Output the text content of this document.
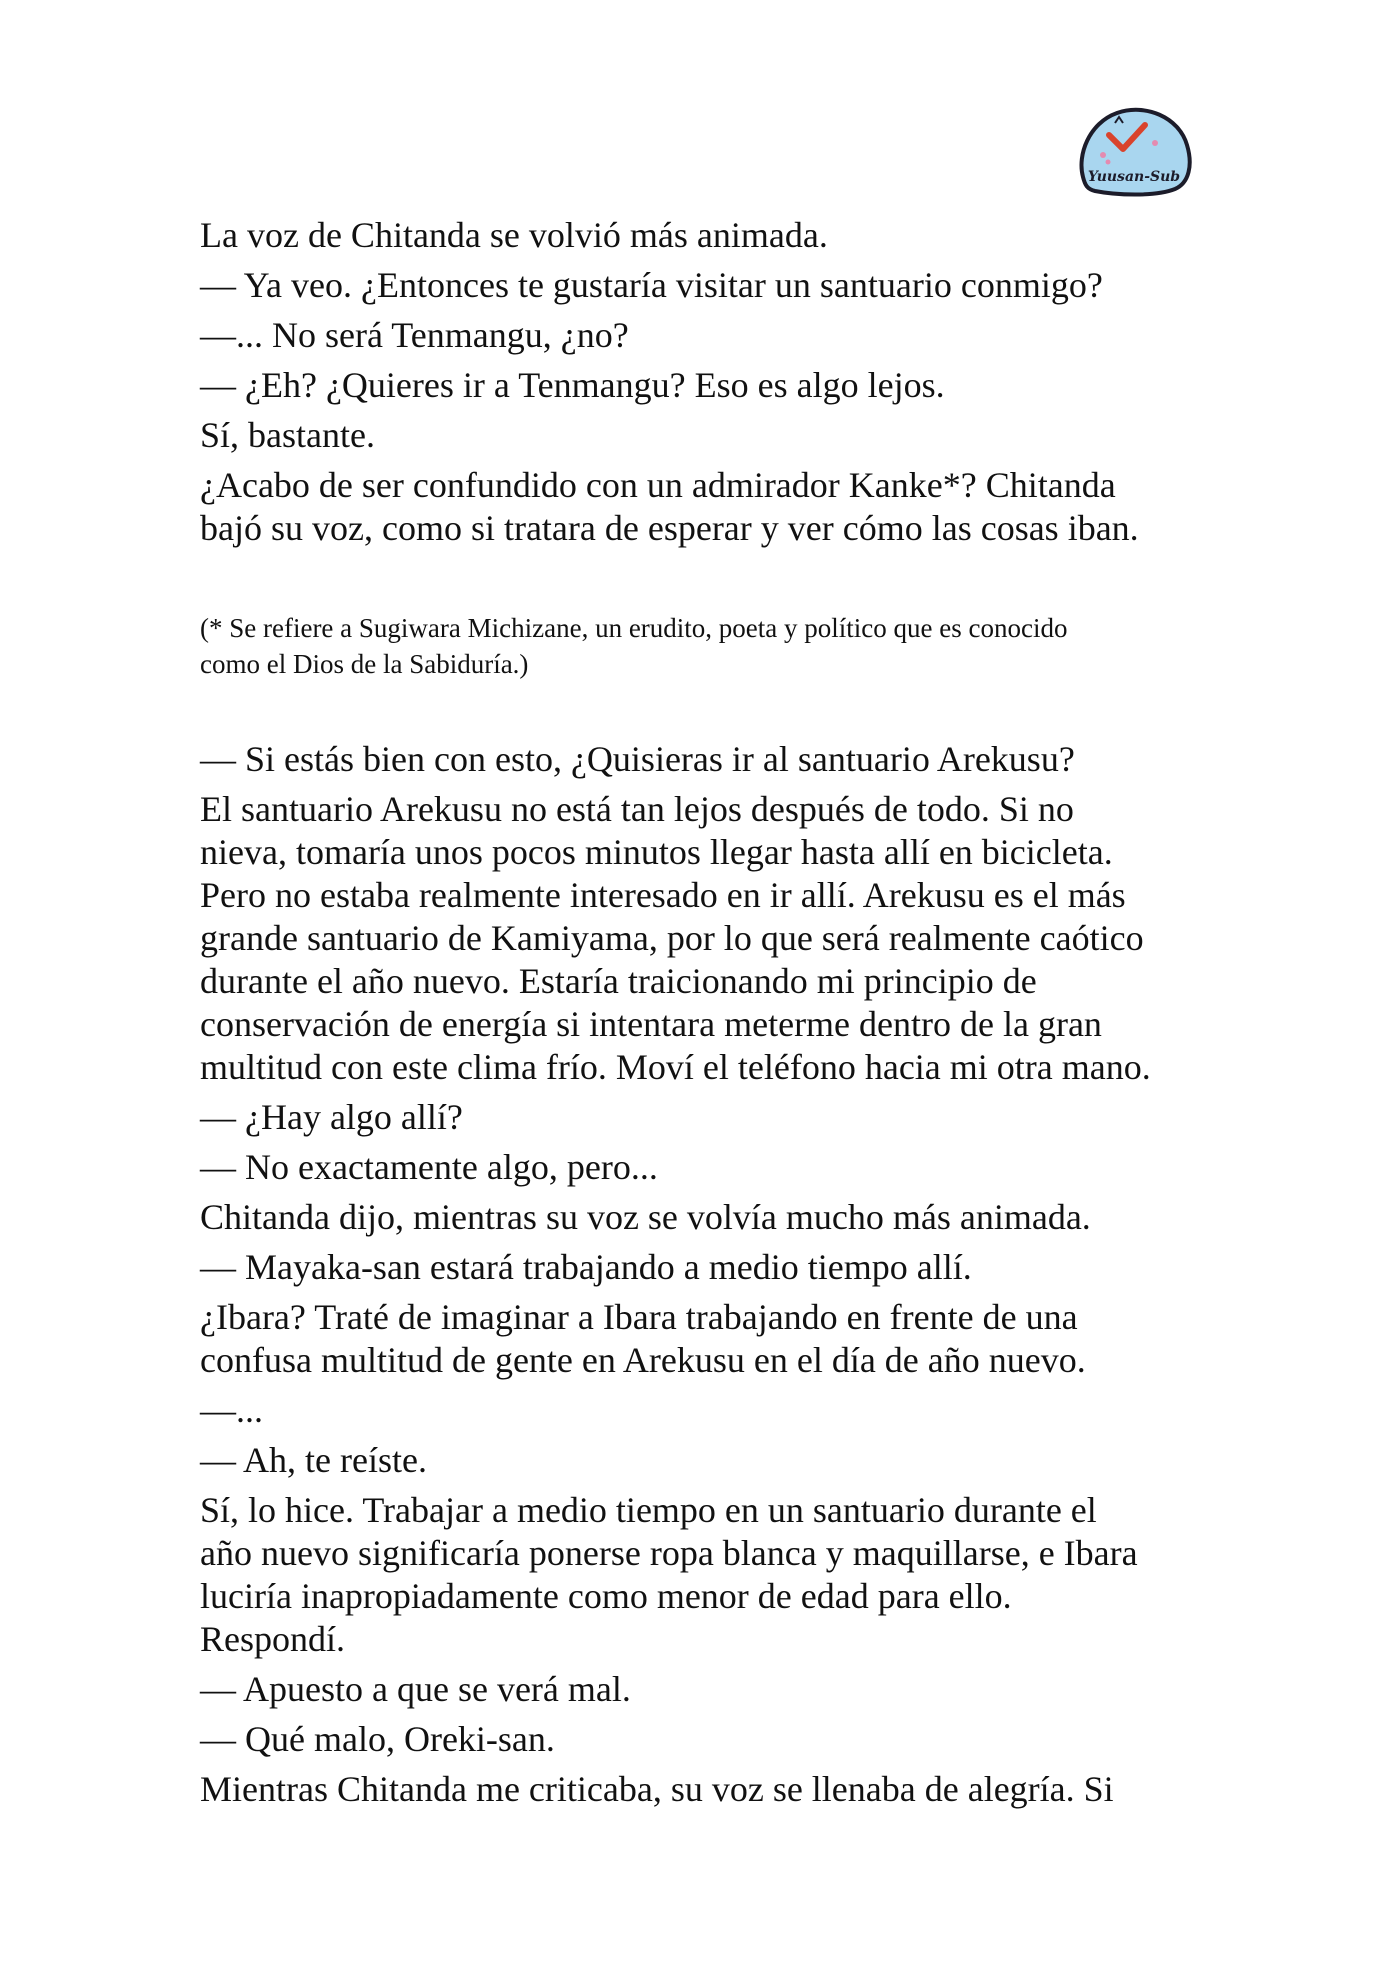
Yuusan-Sub
La voz de Chitanda se volvió más animada.
— Ya veo. ¿Entonces te gustaría visitar un santuario conmigo?
—... No será Tenmangu, ¿no?
— ¿Eh? ¿Quieres ir a Tenmangu? Eso es algo lejos.
Sí, bastante.
¿Acabo de ser confundido con un admirador Kanke*? Chitanda
bajó su voz, como si tratara de esperar y ver cómo las cosas iban.
(* Se refiere a Sugiwara Michizane, un erudito, poeta y político que es conocido
como el Dios de la Sabiduría.)
— Si estás bien con esto, ¿Quisieras ir al santuario Arekusu?
El santuario Arekusu no está tan lejos después de todo. Si no
nieva, tomaría unos pocos minutos llegar hasta allí en bicicleta.
Pero no estaba realmente interesado en ir allí. Arekusu es el más
grande santuario de Kamiyama, por lo que será realmente caótico
durante el año nuevo. Estaría traicionando mi principio de
conservación de energía si intentara meterme dentro de la gran
multitud con este clima frío. Moví el teléfono hacia mi otra mano.
— ¿Hay algo allí?
— No exactamente algo, pero...
Chitanda dijo, mientras su voz se volvía mucho más animada.
— Mayaka-san estará trabajando a medio tiempo allí.
¿Ibara? Traté de imaginar a Ibara trabajando en frente de una
confusa multitud de gente en Arekusu en el día de año nuevo.
—...
— Ah, te reíste.
Sí, lo hice. Trabajar a medio tiempo en un santuario durante el
año nuevo significaría ponerse ropa blanca y maquillarse, e Ibara
luciría inapropiadamente como menor de edad para ello.
Respondí.
— Apuesto a que se verá mal.
— Qué malo, Oreki-san.
Mientras Chitanda me criticaba, su voz se llenaba de alegría. Si
